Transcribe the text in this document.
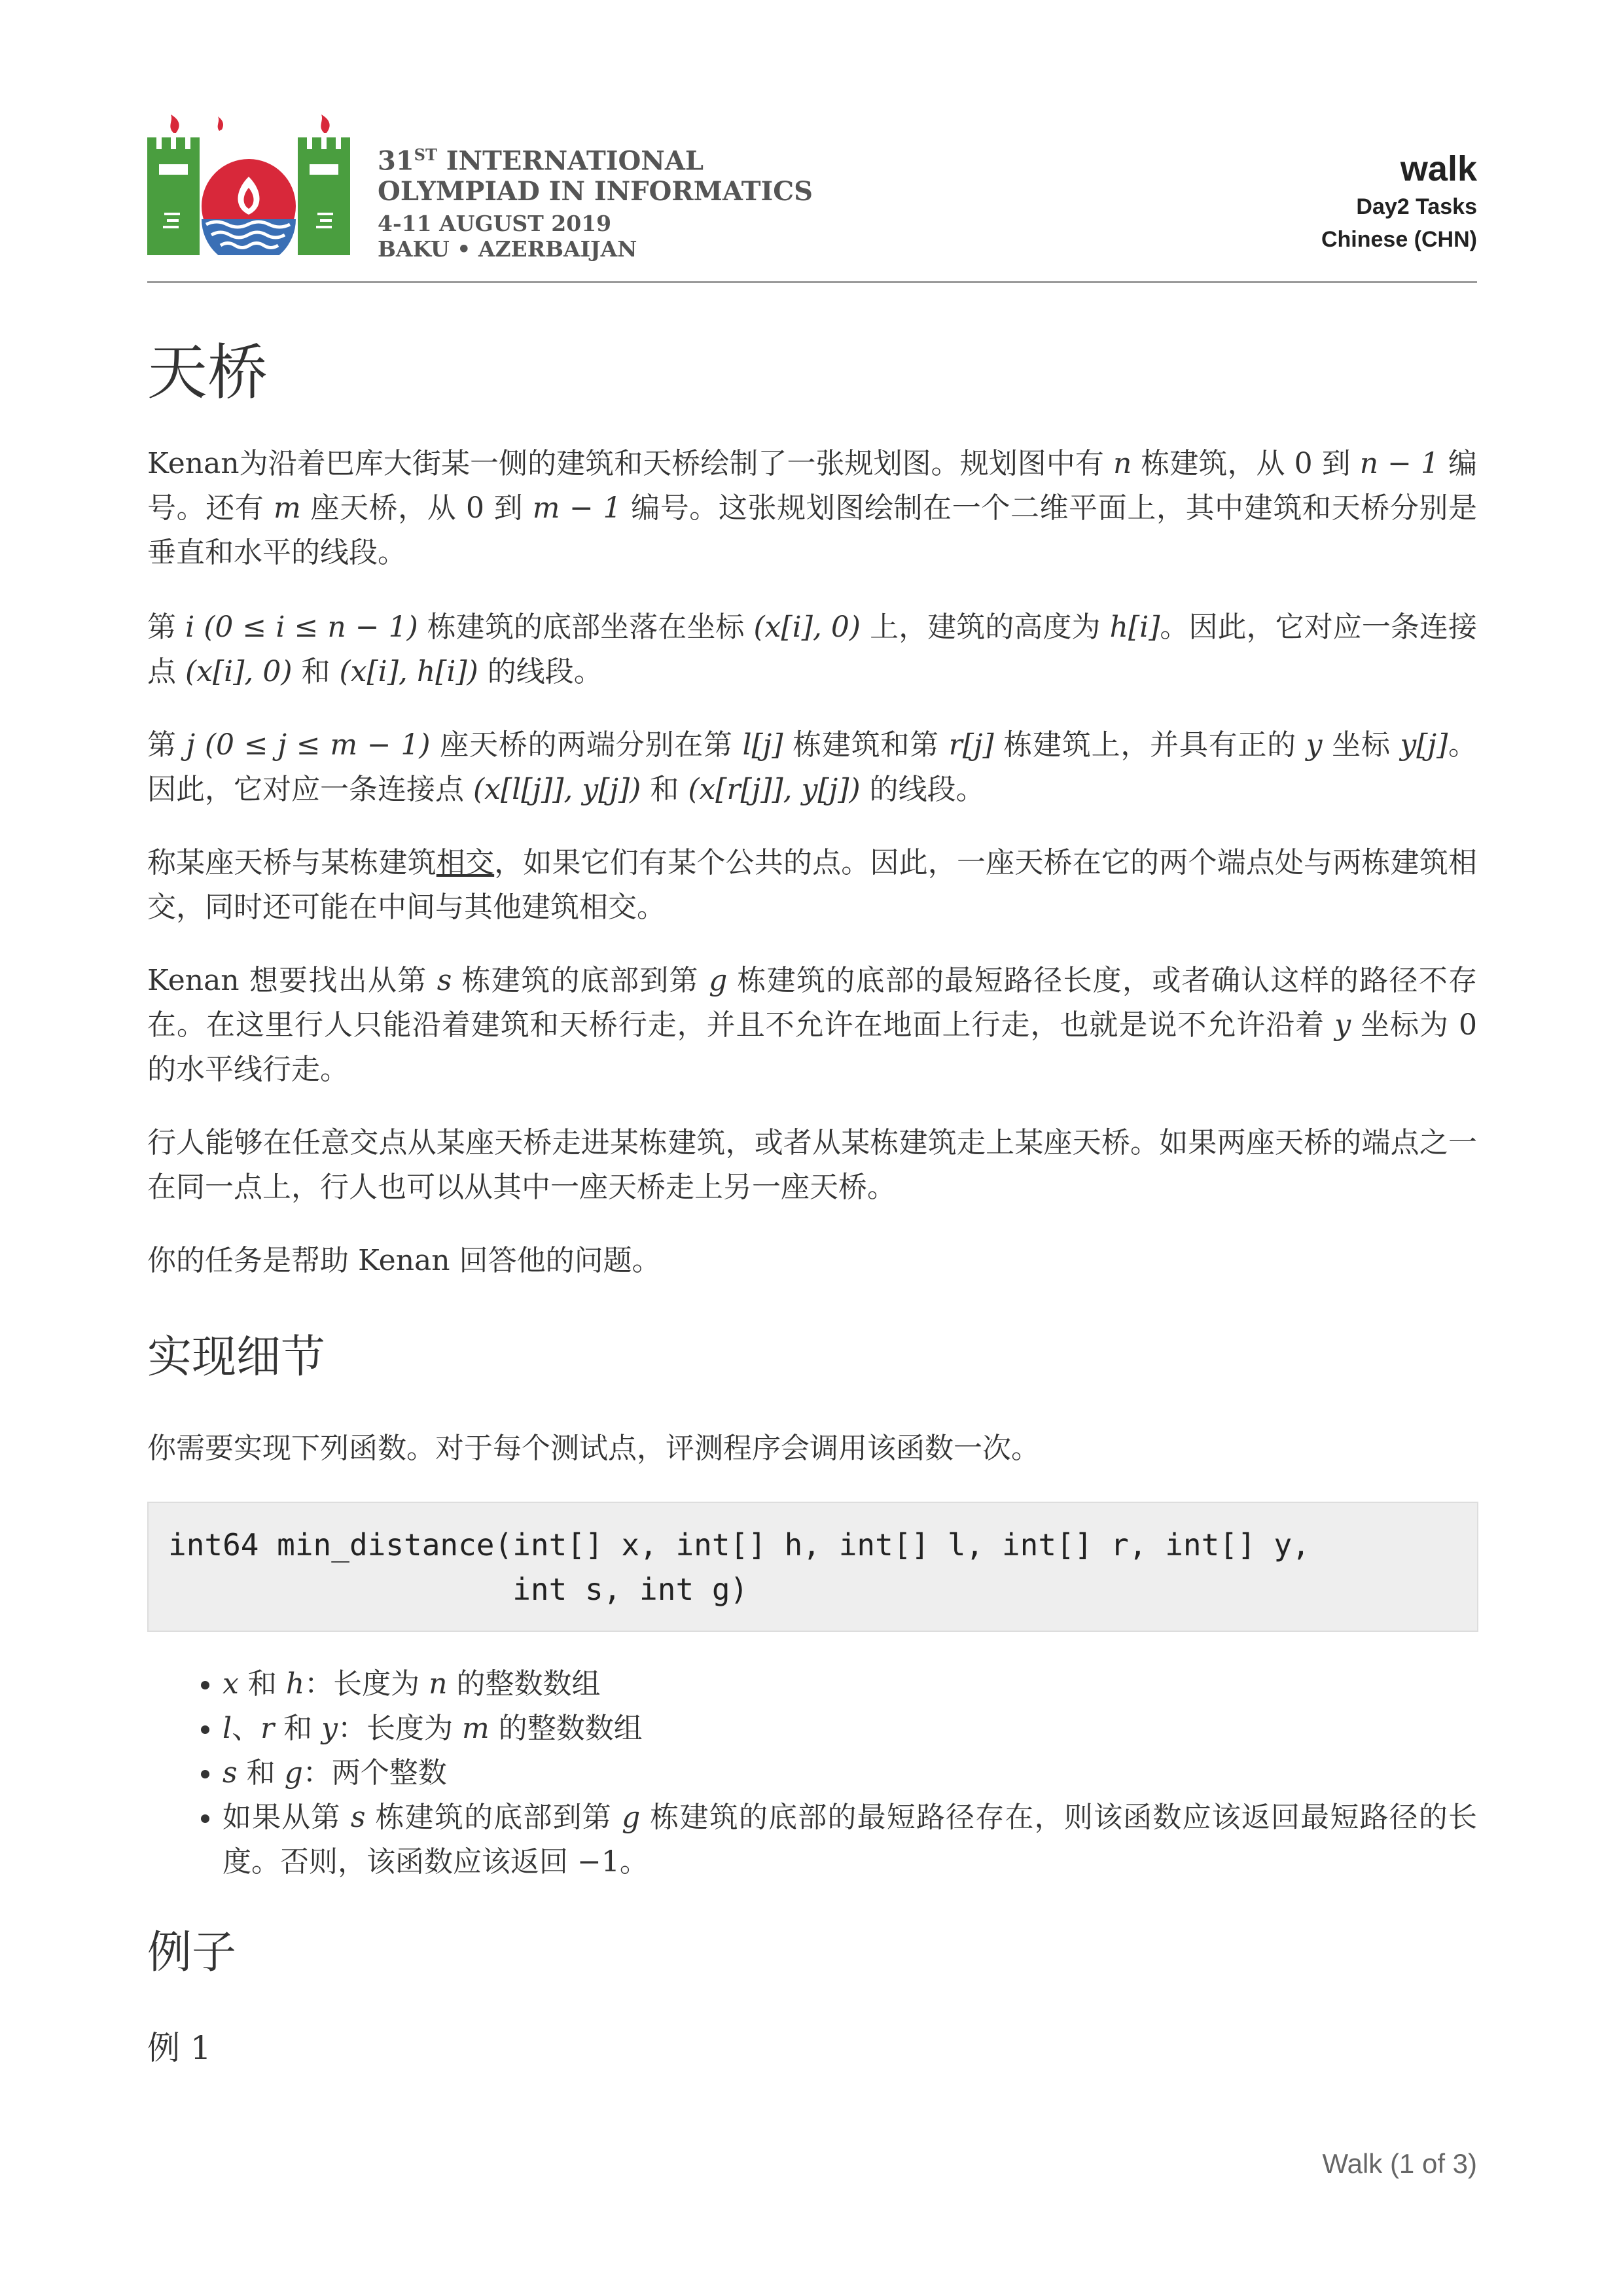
31ST INTERNATIONAL
OLYMPIAD IN INFORMATICS
4-11 AUGUST 2019
BAKU • AZERBAIJAN
walk
Day2 Tasks
Chinese (CHN)
天桥

Kenan为沿着巴库大街某一侧的建筑和天桥绘制了一张规划图。规划图中有 n 栋建筑，从 0 到 n − 1 编号。还有 m 座天桥，从 0 到 m − 1 编号。这张规划图绘制在一个二维平面上，其中建筑和天桥分别是垂直和水平的线段。

第 i (0 ≤ i ≤ n − 1) 栋建筑的底部坐落在坐标 (x[i], 0) 上，建筑的高度为 h[i]。因此，它对应一条连接点 (x[i], 0) 和 (x[i], h[i]) 的线段。

第 j (0 ≤ j ≤ m − 1) 座天桥的两端分别在第 l[j] 栋建筑和第 r[j] 栋建筑上，并具有正的 y 坐标 y[j]。因此，它对应一条连接点 (x[l[j]], y[j]) 和 (x[r[j]], y[j]) 的线段。

称某座天桥与某栋建筑相交，如果它们有某个公共的点。因此，一座天桥在它的两个端点处与两栋建筑相交，同时还可能在中间与其他建筑相交。

Kenan 想要找出从第 s 栋建筑的底部到第 g 栋建筑的底部的最短路径长度，或者确认这样的路径不存在。在这里行人只能沿着建筑和天桥行走，并且不允许在地面上行走，也就是说不允许沿着 y 坐标为 0 的水平线行走。

行人能够在任意交点从某座天桥走进某栋建筑，或者从某栋建筑走上某座天桥。如果两座天桥的端点之一在同一点上，行人也可以从其中一座天桥走上另一座天桥。

你的任务是帮助 Kenan 回答他的问题。

实现细节

你需要实现下列函数。对于每个测试点，评测程序会调用该函数一次。

int64 min_distance(int[] x, int[] h, int[] l, int[] r, int[] y,
int s, int g)
• x 和 h：长度为 n 的整数数组
• l、r 和 y：长度为 m 的整数数组
• s 和 g：两个整数
• 如果从第 s 栋建筑的底部到第 g 栋建筑的底部的最短路径存在，则该函数应该返回最短路径的长度。否则，该函数应该返回 −1。
例子
例 1
Walk (1 of 3)
